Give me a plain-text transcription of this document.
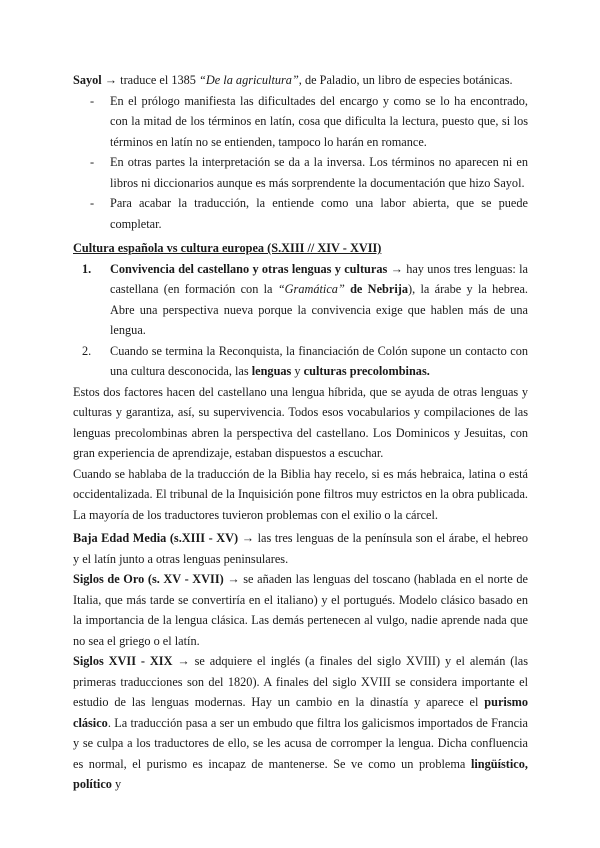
Sayol → traduce el 1385 “De la agricultura”, de Paladio, un libro de especies botánicas.

- En el prólogo manifiesta las dificultades del encargo y como se lo ha encontrado, con la mitad de los términos en latín, cosa que dificulta la lectura, puesto que, si los términos en latín no se entienden, tampoco lo harán en romance.
- En otras partes la interpretación se da a la inversa. Los términos no aparecen ni en libros ni diccionarios aunque es más sorprendente la documentación que hizo Sayol.
- Para acabar la traducción, la entiende como una labor abierta, que se puede completar.

Cultura española vs cultura europea (S.XIII // XIV - XVII)

1. Convivencia del castellano y otras lenguas y culturas → hay unos tres lenguas: la castellana (en formación con la “Gramática” de Nebrija), la árabe y la hebrea. Abre una perspectiva nueva porque la convivencia exige que hablen más de una lengua.
2. Cuando se termina la Reconquista, la financiación de Colón supone un contacto con una cultura desconocida, las lenguas y culturas precolombinas.

Estos dos factores hacen del castellano una lengua híbrida, que se ayuda de otras lenguas y culturas y garantiza, así, su supervivencia. Todos esos vocabularios y compilaciones de las lenguas precolombinas abren la perspectiva del castellano. Los Dominicos y Jesuitas, con gran experiencia de aprendizaje, estaban dispuestos a escuchar.

Cuando se hablaba de la traducción de la Biblia hay recelo, si es más hebraica, latina o está occidentalizada. El tribunal de la Inquisición pone filtros muy estrictos en la obra publicada. La mayoría de los traductores tuvieron problemas con el exilio o la cárcel.

Baja Edad Media (s.XIII - XV) → las tres lenguas de la península son el árabe, el hebreo y el latín junto a otras lenguas peninsulares.

Siglos de Oro (s. XV - XVII) → se añaden las lenguas del toscano (hablada en el norte de Italia, que más tarde se convertiría en el italiano) y el portugués. Modelo clásico basado en la importancia de la lengua clásica. Las demás pertenecen al vulgo, nadie aprende nada que no sea el griego o el latín.

Siglos XVII - XIX → se adquiere el inglés (a finales del siglo XVIII) y el alemán (las primeras traducciones son del 1820). A finales del siglo XVIII se considera importante el estudio de las lenguas modernas. Hay un cambio en la dinastía y aparece el purismo clásico. La traducción pasa a ser un embudo que filtra los galicismos importados de Francia y se culpa a los traductores de ello, se les acusa de corromper la lengua. Dicha confluencia es normal, el purismo es incapaz de mantenerse. Se ve como un problema lingüístico, político y
